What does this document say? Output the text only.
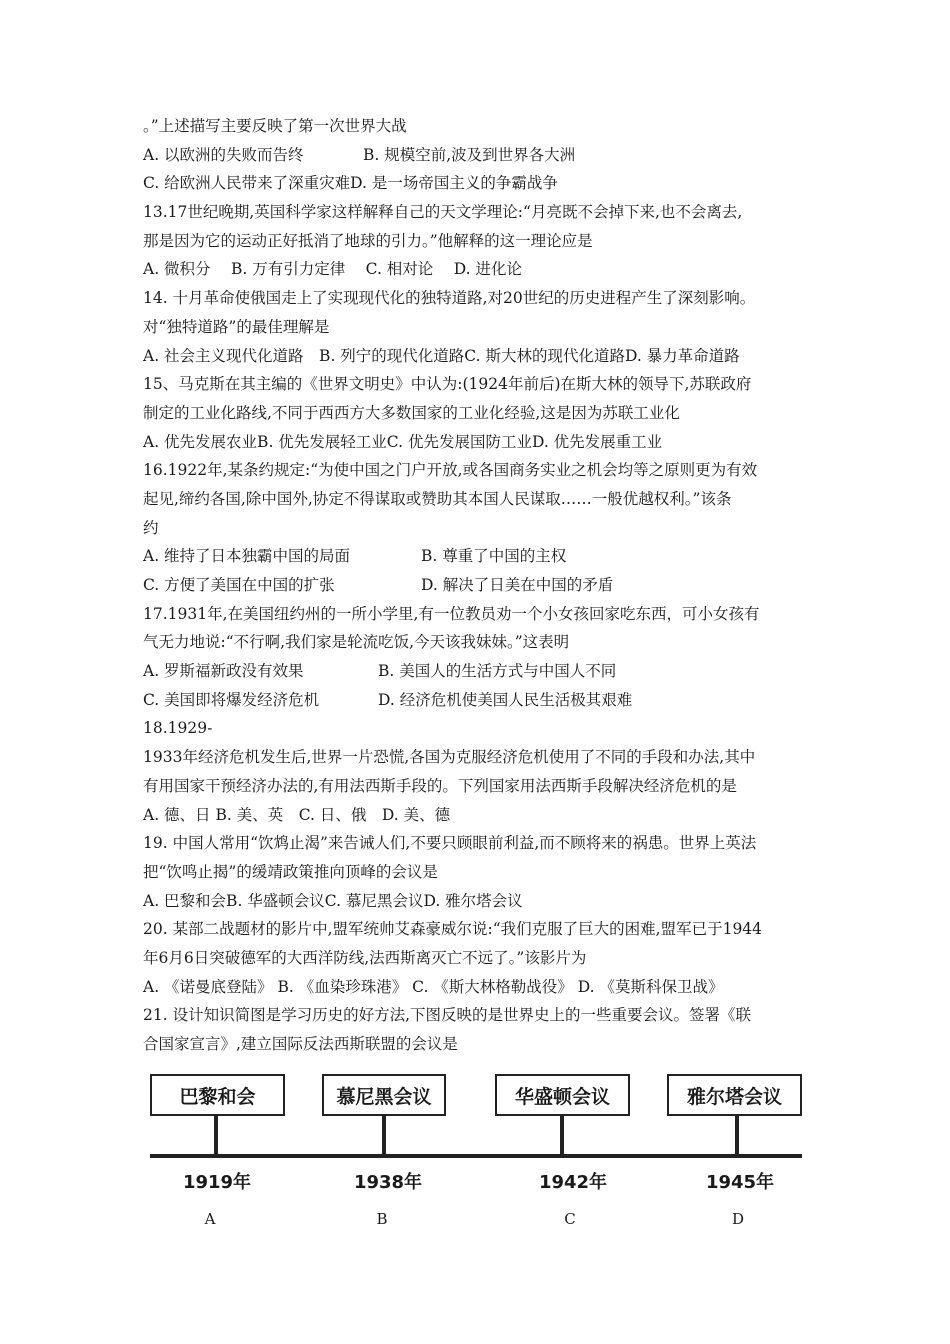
。”上述描写主要反映了第一次世界大战
A. 以欧洲的失败而告终	B. 规模空前,波及到世界各大洲
C. 给欧洲人民带来了深重灾难D. 是一场帝国主义的争霸战争
13.17世纪晚期,英国科学家这样解释自己的天文学理论:“月亮既不会掉下来,也不会离去,
那是因为它的运动正好抵消了地球的引力。”他解释的这一理论应是
A. 微积分　 B. 万有引力定律　 C. 相对论　 D. 进化论
14. 十月革命使俄国走上了实现现代化的独特道路,对20世纪的历史进程产生了深刻影响。
对“独特道路”的最佳理解是
A. 社会主义现代化道路　B. 列宁的现代化道路C. 斯大林的现代化道路D. 暴力革命道路
15、马克斯在其主编的《世界文明史》中认为:(1924年前后)在斯大林的领导下,苏联政府
制定的工业化路线,不同于西西方大多数国家的工业化经验,这是因为苏联工业化
A. 优先发展农业B. 优先发展轻工业C. 优先发展国防工业D. 优先发展重工业
16.1922年,某条约规定:“为使中国之门户开放,或各国商务实业之机会均等之原则更为有效
起见,缔约各国,除中国外,协定不得谋取或赞助其本国人民谋取……一般优越权利。”该条
约
A. 维持了日本独霸中国的局面	B. 尊重了中国的主权
C. 方便了美国在中国的扩张	D. 解决了日美在中国的矛盾
17.1931年,在美国纽约州的一所小学里,有一位教员劝一个小女孩回家吃东西，可小女孩有
气无力地说:“不行啊,我们家是轮流吃饭,今天该我妹妹。”这表明
A. 罗斯福新政没有效果	B. 美国人的生活方式与中国人不同
C. 美国即将爆发经济危机	D. 经济危机使美国人民生活极其艰难
18.1929-
1933年经济危机发生后,世界一片恐慌,各国为克服经济危机使用了不同的手段和办法,其中
有用国家干预经济办法的,有用法西斯手段的。下列国家用法西斯手段解决经济危机的是
A. 德、日 B. 美、英　C. 日、俄　D. 美、德
19. 中国人常用“饮鸩止渴”来告诫人们,不要只顾眼前利益,而不顾将来的祸患。世界上英法
把“饮鸣止揭”的缓靖政策推向顶峰的会议是
A. 巴黎和会B. 华盛顿会议C. 慕尼黑会议D. 雅尔塔会议
20. 某部二战题材的影片中,盟军统帅艾森豪威尔说:“我们克服了巨大的困难,盟军已于1944
年6月6日突破德军的大西洋防线,法西斯离灭亡不远了。”该影片为
A. 《诺曼底登陆》 B. 《血染珍珠港》 C. 《斯大林格勒战役》 D. 《莫斯科保卫战》
21. 设计知识简图是学习历史的好方法,下图反映的是世界史上的一些重要会议。签署《联
合国家宣言》,建立国际反法西斯联盟的会议是
巴黎和会
1919年
A
慕尼黑会议
1938年
B
华盛顿会议
1942年
C
雅尔塔会议
1945年
D
